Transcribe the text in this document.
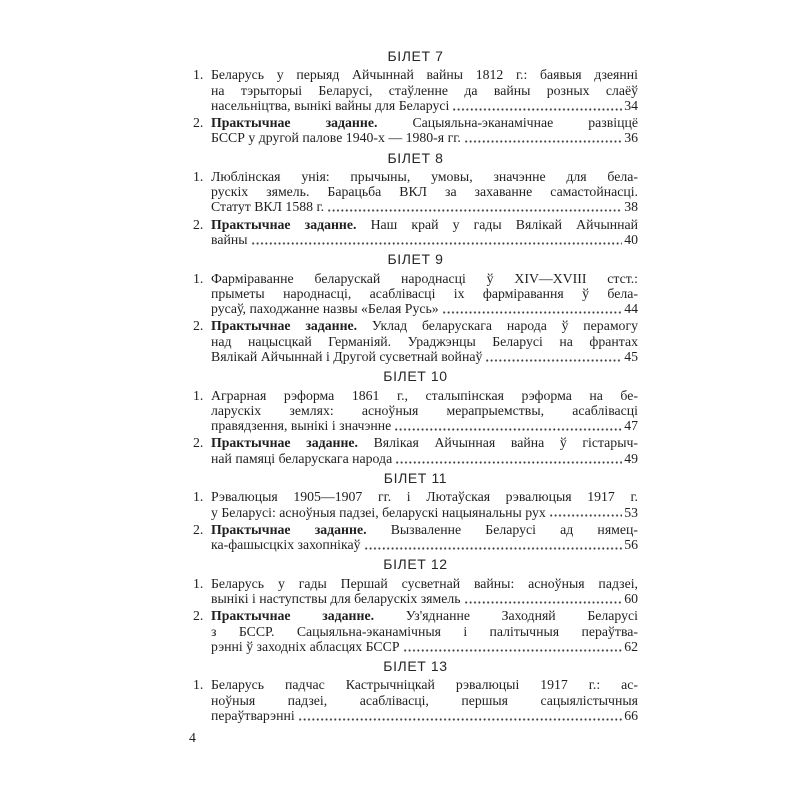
БІЛЕТ 7
1. Беларусь у перыяд Айчыннай вайны 1812 г.: баявыя дзеянні
на тэрыторыі Беларусі, стаўленне да вайны розных слаёў
насельніцтва, вынікі вайны для Беларусі	34
2. Практычнае заданне. Сацыяльна-эканамічнае развіццё
БССР у другой палове 1940-х — 1980-я гг.	36
БІЛЕТ 8
1. Люблінская унія: прычыны, умовы, значэнне для бела-
рускіх зямель. Барацьба ВКЛ за захаванне самастойнасці.
Статут ВКЛ 1588 г.	38
2. Практычнае заданне. Наш край у гады Вялікай Айчыннай
вайны	40
БІЛЕТ 9
1. Фарміраванне беларускай народнасці ў XIV—XVIII стст.:
прыметы народнасці, асаблівасці іх фарміравання ў бела-
русаў, паходжанне назвы «Белая Русь»	44
2. Практычнае заданне. Уклад беларускага народа ў перамогу
над нацысцкай Германіяй. Ураджэнцы Беларусі на франтах
Вялікай Айчыннай і Другой сусветнай войнаў	45
БІЛЕТ 10
1. Аграрная рэформа 1861 г., сталыпінская рэформа на бе-
ларускіх землях: асноўныя мерапрыемствы, асаблівасці
правядзення, вынікі і значэнне	47
2. Практычнае заданне. Вялікая Айчынная вайна ў гістарыч-
най памяці беларускага народа	49
БІЛЕТ 11
1. Рэвалюцыя 1905—1907 гг. і Лютаўская рэвалюцыя 1917 г.
у Беларусі: асноўныя падзеі, беларускі нацыянальны рух	53
2. Практычнае заданне. Вызваленне Беларусі ад нямец-
ка-фашысцкіх захопнікаў	56
БІЛЕТ 12
1. Беларусь у гады Першай сусветнай вайны: асноўныя падзеі,
вынікі і наступствы для беларускіх зямель	60
2. Практычнае заданне. Уз'яднанне Заходняй Беларусі
з БССР. Сацыяльна-эканамічныя і палітычныя пераўтва-
рэнні ў заходніх абласцях БССР	62
БІЛЕТ 13
1. Беларусь падчас Кастрычніцкай рэвалюцыі 1917 г.: ас-
ноўныя падзеі, асаблівасці, першыя сацыялістычныя
пераўтварэнні	66
4
